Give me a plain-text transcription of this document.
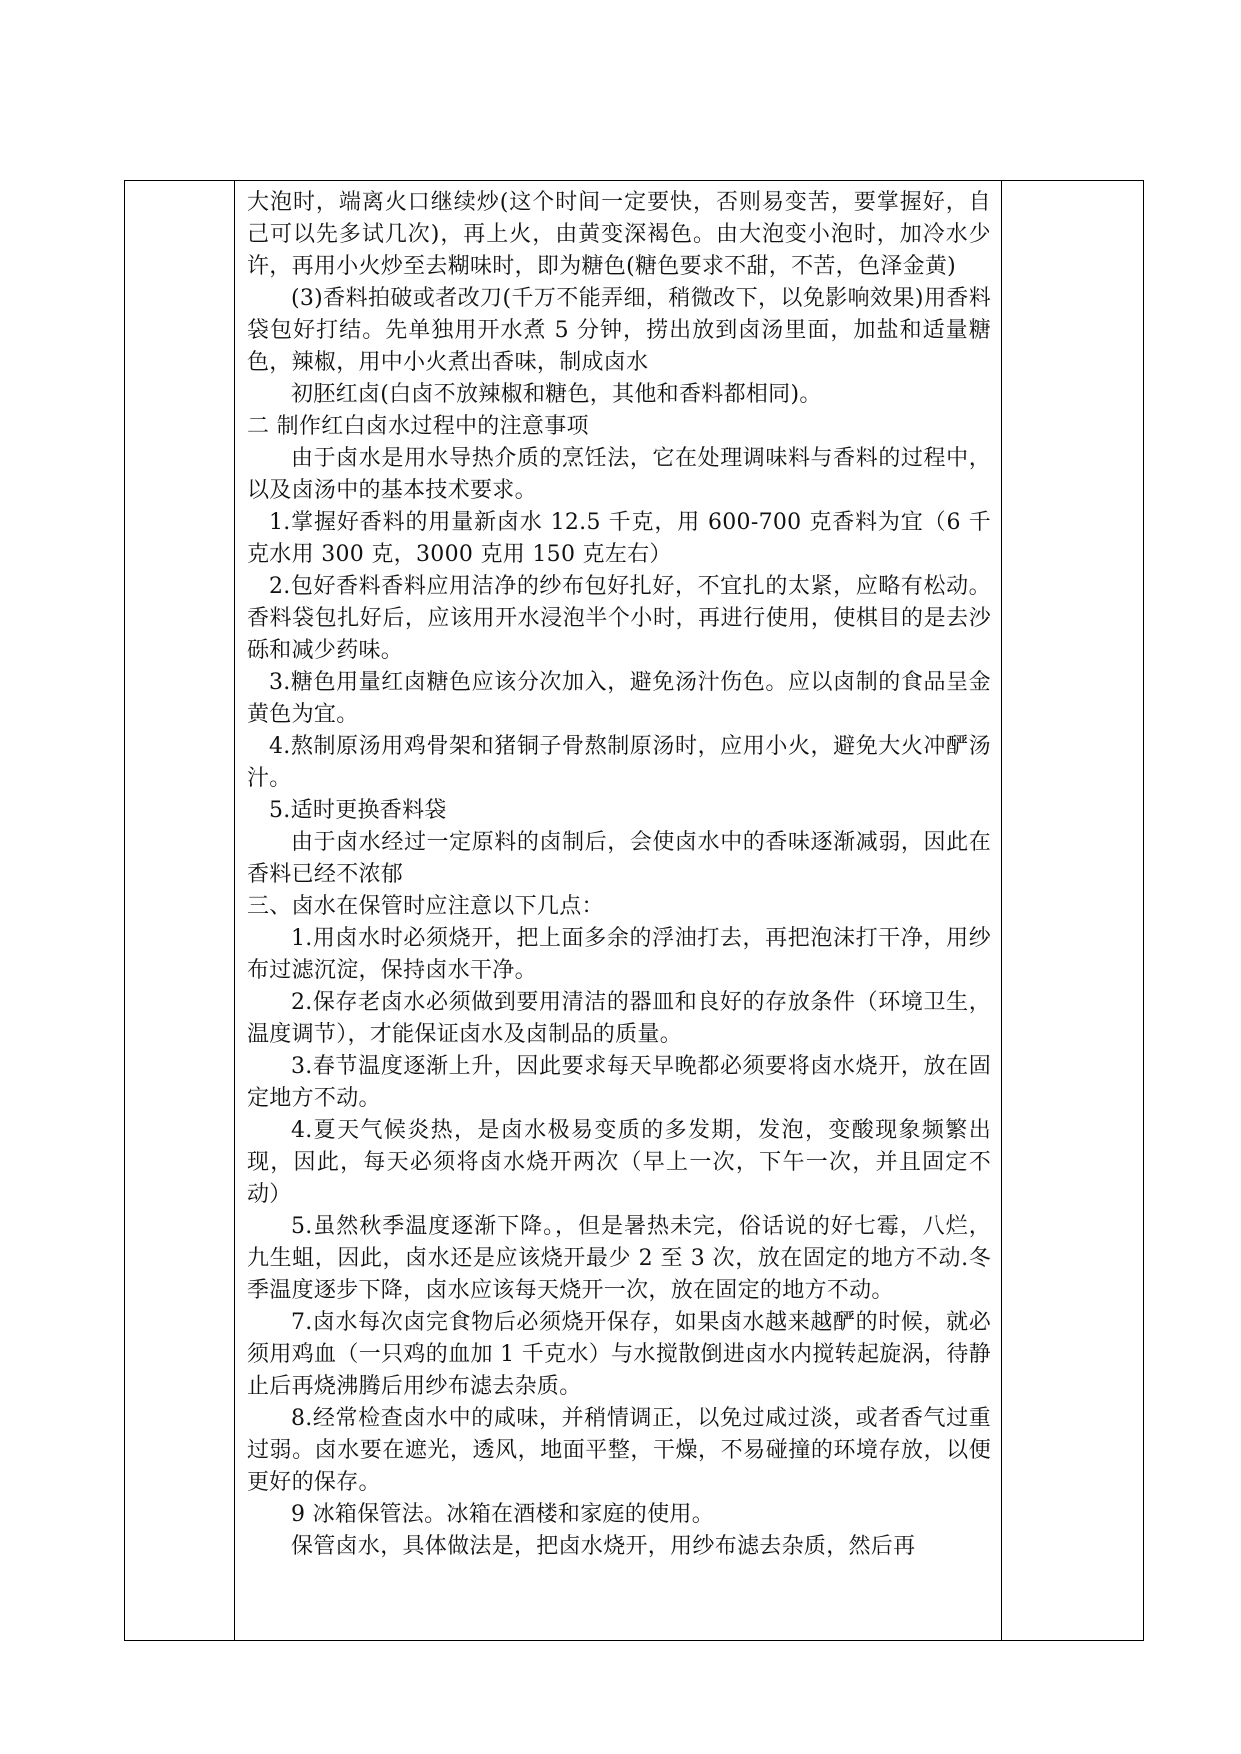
大泡时，端离火口继续炒(这个时间一定要快，否则易变苦，要掌握好，自己可以先多试几次)，再上火，由黄变深褐色。由大泡变小泡时，加冷水少许，再用小火炒至去糊味时，即为糖色(糖色要求不甜，不苦，色泽金黄)

(3)香料拍破或者改刀(千万不能弄细，稍微改下，以免影响效果)用香料袋包好打结。先单独用开水煮 5 分钟，捞出放到卤汤里面，加盐和适量糖色，辣椒，用中小火煮出香味，制成卤水

初胚红卤(白卤不放辣椒和糖色，其他和香料都相同)。

二 制作红白卤水过程中的注意事项

由于卤水是用水导热介质的烹饪法，它在处理调味料与香料的过程中，以及卤汤中的基本技术要求。

1.掌握好香料的用量新卤水 12.5 千克，用 600-700 克香料为宜（6 千克水用 300 克，3000 克用 150 克左右）

2.包好香料香料应用洁净的纱布包好扎好，不宜扎的太紧，应略有松动。香料袋包扎好后，应该用开水浸泡半个小时，再进行使用，使棋目的是去沙砾和减少药味。

3.糖色用量红卤糖色应该分次加入，避免汤汁伤色。应以卤制的食品呈金黄色为宜。

4.熬制原汤用鸡骨架和猪铜子骨熬制原汤时，应用小火，避免大火冲酽汤汁。

5.适时更换香料袋

由于卤水经过一定原料的卤制后，会使卤水中的香味逐渐减弱，因此在香料已经不浓郁

三、卤水在保管时应注意以下几点：

1.用卤水时必须烧开，把上面多余的浮油打去，再把泡沫打干净，用纱布过滤沉淀，保持卤水干净。

2.保存老卤水必须做到要用清洁的器皿和良好的存放条件（环境卫生，温度调节），才能保证卤水及卤制品的质量。

3.春节温度逐渐上升，因此要求每天早晚都必须要将卤水烧开，放在固定地方不动。

4.夏天气候炎热，是卤水极易变质的多发期，发泡，变酸现象频繁出现，因此，每天必须将卤水烧开两次（早上一次，下午一次，并且固定不动）

5.虽然秋季温度逐渐下降。，但是暑热未完，俗话说的好七霉，八烂，九生蛆，因此，卤水还是应该烧开最少 2 至 3 次，放在固定的地方不动.冬季温度逐步下降，卤水应该每天烧开一次，放在固定的地方不动。

7.卤水每次卤完食物后必须烧开保存，如果卤水越来越酽的时候，就必须用鸡血（一只鸡的血加 1 千克水）与水搅散倒进卤水内搅转起旋涡，待静止后再烧沸腾后用纱布滤去杂质。

8.经常检查卤水中的咸味，并稍情调正，以免过咸过淡，或者香气过重过弱。卤水要在遮光，透风，地面平整，干燥，不易碰撞的环境存放，以便更好的保存。

9 冰箱保管法。冰箱在酒楼和家庭的使用。

保管卤水，具体做法是，把卤水烧开，用纱布滤去杂质，然后再
